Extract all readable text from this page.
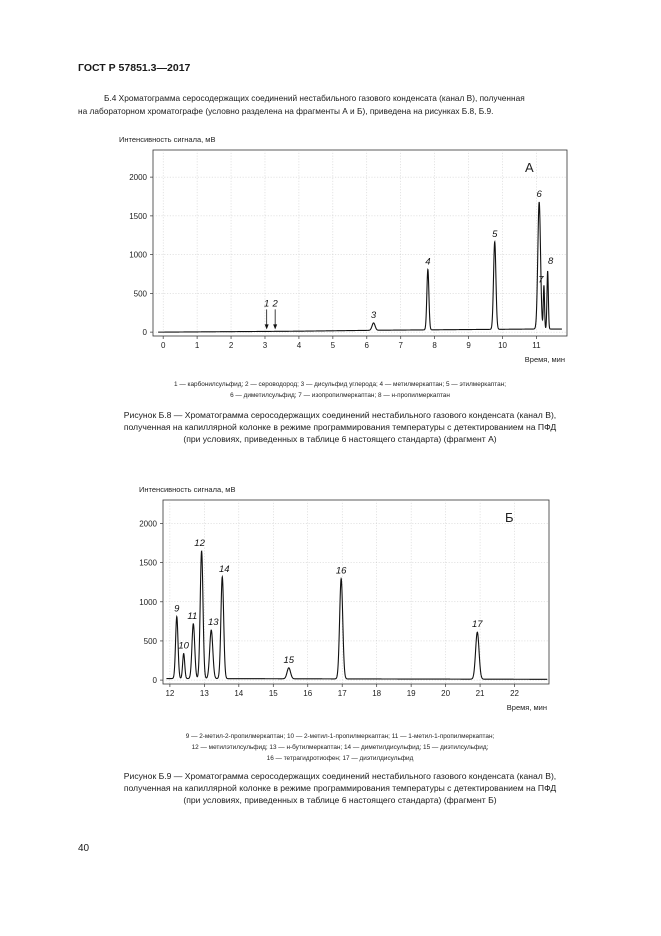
ГОСТ Р 57851.3—2017
Б.4 Хроматограмма серосодержащих соединений нестабильного газового конденсата (канал В), полученная
на лабораторном хроматографе (условно разделена на фрагменты А и Б), приведена на рисунках Б.8, Б.9.
Интенсивность сигнала, мВ
0	1	2	3	4	5	6	7	8	9	10	11
0
500
1000
1500
2000
Время, мин
А
3
4
5
6
7
8
1 2
1 — карбонилсульфид; 2 — сероводород; 3 — дисульфид углерода; 4 — метилмеркаптан; 5 — этилмеркаптан;
6 — диметилсульфид; 7 — изопропилмеркаптан; 8 — н-пропилмеркаптан
Рисунок Б.8 — Хроматограмма серосодержащих соединений нестабильного газового конденсата (канал В),
полученная на капиллярной колонке в режиме программирования температуры с детектированием на ПФД
(при условиях, приведенных в таблице 6 настоящего стандарта) (фрагмент А)
Интенсивность сигнала, мВ
12	13	14	15	16	17	18	19	20	21	22
0
500
1000
1500
2000
Время, мин
Б
9
10
11
12
13
14
15
16
17
9 — 2-метил-2-пропилмеркаптан; 10 — 2-метил-1-пропилмеркаптан; 11 — 1-метил-1-пропилмеркаптан;
12 — метилэтилсульфид; 13 — н-бутилмеркаптан; 14 — диметилдисульфид; 15 — диэтилсульфид;
16 — тетрагидротиофен; 17 — диэтилдисульфид
Рисунок Б.9 — Хроматограмма серосодержащих соединений нестабильного газового конденсата (канал В),
полученная на капиллярной колонке в режиме программирования температуры с детектированием на ПФД
(при условиях, приведенных в таблице 6 настоящего стандарта) (фрагмент Б)
40
